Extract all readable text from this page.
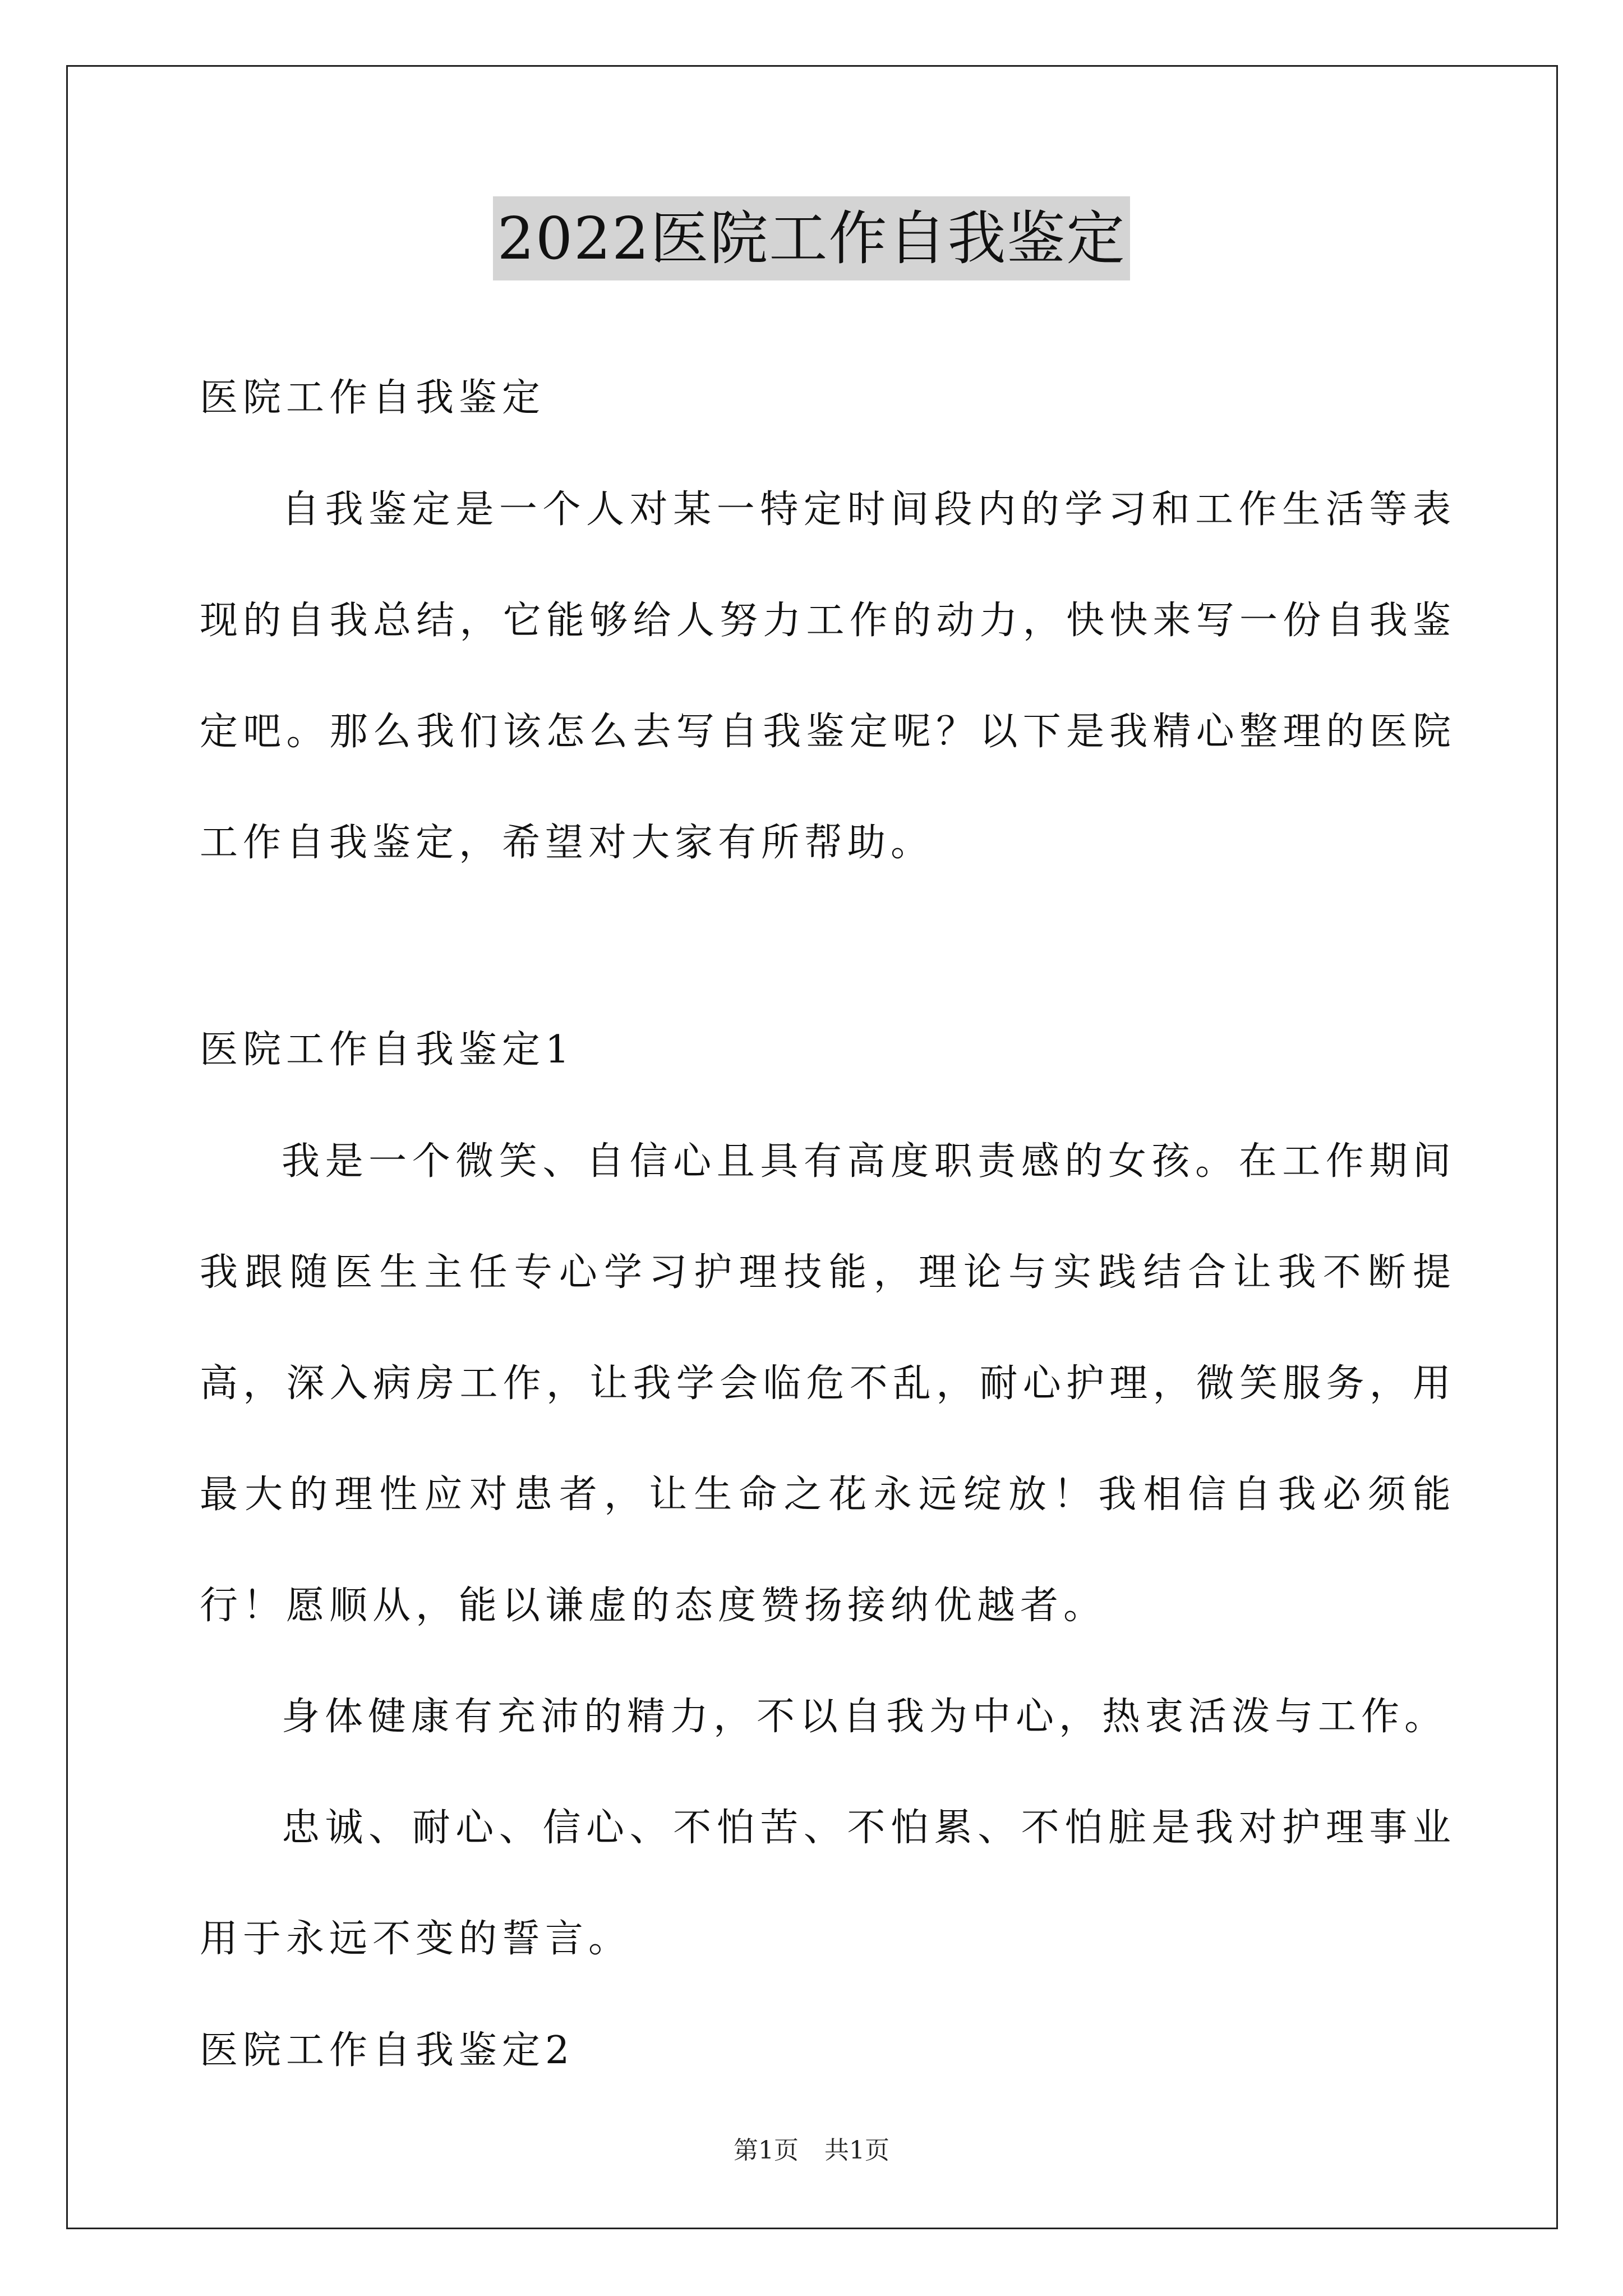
2022医院工作自我鉴定

医院工作自我鉴定

自我鉴定是一个人对某一特定时间段内的学习和工作生活等表现的自我总结，它能够给人努力工作的动力，快快来写一份自我鉴定吧。那么我们该怎么去写自我鉴定呢？以下是我精心整理的医院工作自我鉴定，希望对大家有所帮助。

医院工作自我鉴定1

我是一个微笑、自信心且具有高度职责感的女孩。在工作期间我跟随医生主任专心学习护理技能，理论与实践结合让我不断提高，深入病房工作，让我学会临危不乱，耐心护理，微笑服务，用最大的理性应对患者，让生命之花永远绽放！我相信自我必须能行！愿顺从，能以谦虚的态度赞扬接纳优越者。

身体健康有充沛的精力，不以自我为中心，热衷活泼与工作。

忠诚、耐心、信心、不怕苦、不怕累、不怕脏是我对护理事业用于永远不变的誓言。

医院工作自我鉴定2

第1页 共1页
